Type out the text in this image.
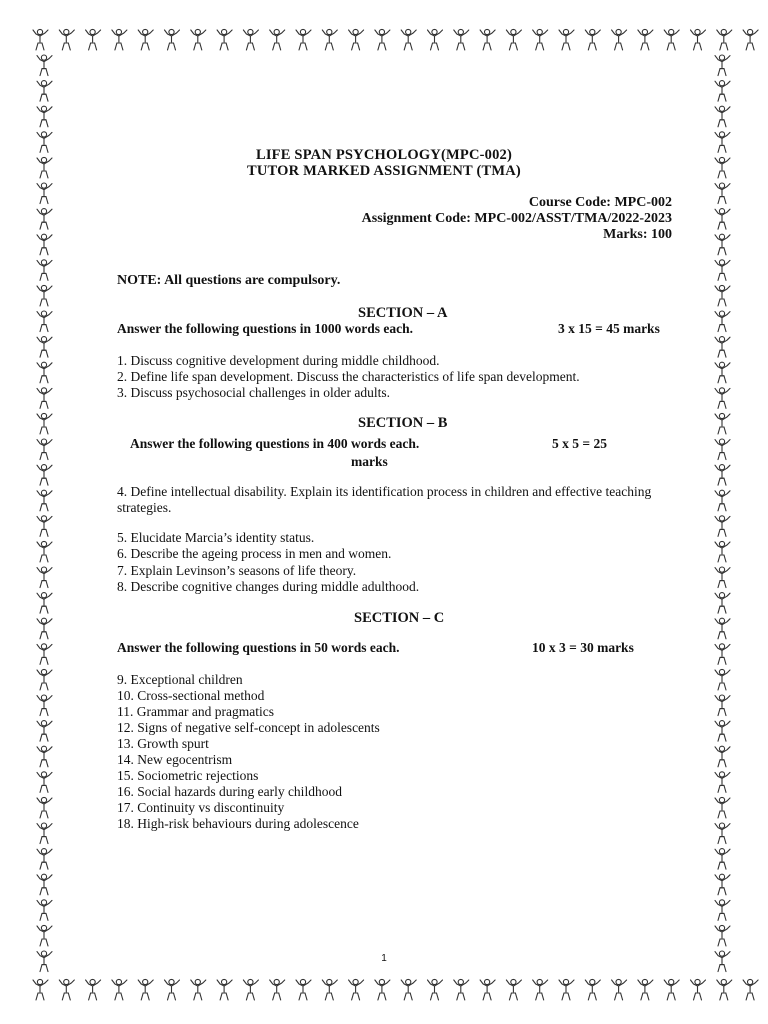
LIFE SPAN PSYCHOLOGY(MPC-002)
TUTOR MARKED ASSIGNMENT (TMA)
Course Code: MPC-002
Assignment Code: MPC-002/ASST/TMA/2022-2023
Marks: 100
NOTE: All questions are compulsory.
SECTION – A
Answer the following questions in 1000 words each.	3 x 15 = 45 marks
1. Discuss cognitive development during middle childhood.
2. Define life span development. Discuss the characteristics of life span development.
3. Discuss psychosocial challenges in older adults.
SECTION – B
Answer the following questions in 400 words each.	5 x 5 = 25
marks
4. Define intellectual disability. Explain its identification process in children and effective teaching strategies.
5. Elucidate Marcia’s identity status.
6. Describe the ageing process in men and women.
7. Explain Levinson’s seasons of life theory.
8. Describe cognitive changes during middle adulthood.
SECTION – C
Answer the following questions in 50 words each.	10 x 3 = 30 marks
9. Exceptional children
10. Cross-sectional method
11. Grammar and pragmatics
12. Signs of negative self-concept in adolescents
13. Growth spurt
14. New egocentrism
15. Sociometric rejections
16. Social hazards during early childhood
17. Continuity vs discontinuity
18. High-risk behaviours during adolescence
1
